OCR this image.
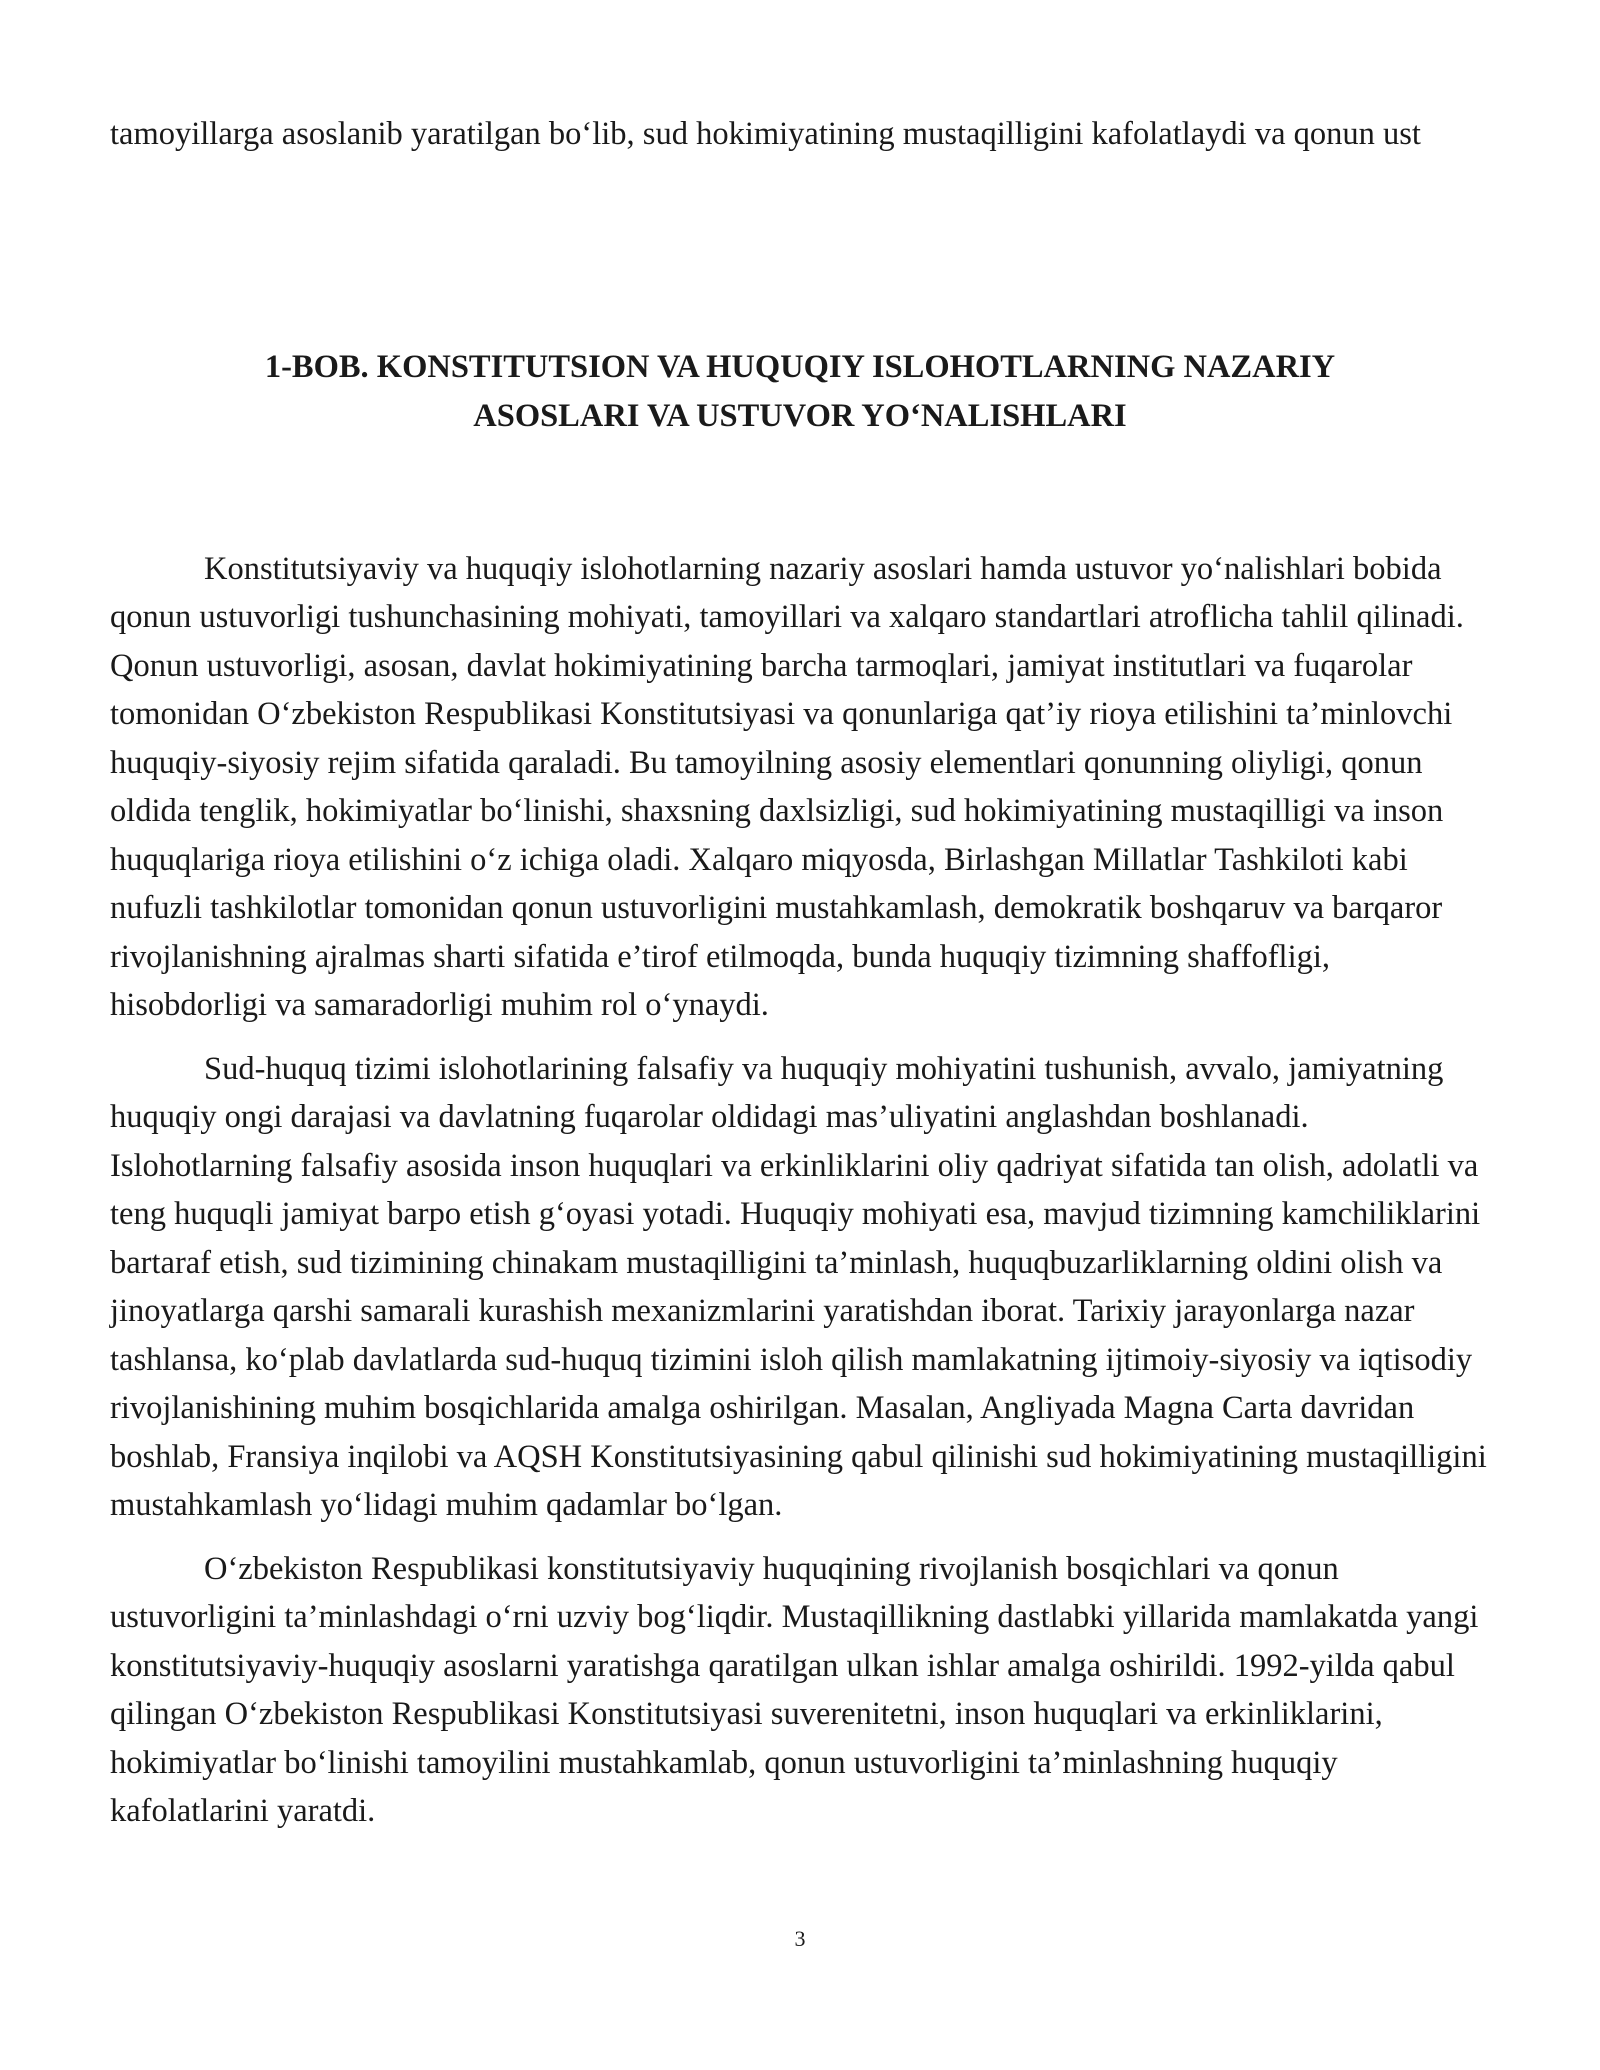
tamoyillarga asoslanib yaratilgan bo‘lib, sud hokimiyatining mustaqilligini kafolatlaydi va qonun ust

1-BOB. KONSTITUTSION VA HUQUQIY ISLOHOTLARNING NAZARIY
ASOSLARI VA USTUVOR YO‘NALISHLARI

Konstitutsiyaviy va huquqiy islohotlarning nazariy asoslari hamda ustuvor yo‘nalishlari bobida qonun ustuvorligi tushunchasining mohiyati, tamoyillari va xalqaro standartlari atroflicha tahlil qilinadi. Qonun ustuvorligi, asosan, davlat hokimiyatining barcha tarmoqlari, jamiyat institutlari va fuqarolar tomonidan O‘zbekiston Respublikasi Konstitutsiyasi va qonunlariga qat’iy rioya etilishini ta’minlovchi huquqiy-siyosiy rejim sifatida qaraladi. Bu tamoyilning asosiy elementlari qonunning oliyligi, qonun oldida tenglik, hokimiyatlar bo‘linishi, shaxsning daxlsizligi, sud hokimiyatining mustaqilligi va inson huquqlariga rioya etilishini o‘z ichiga oladi. Xalqaro miqyosda, Birlashgan Millatlar Tashkiloti kabi nufuzli tashkilotlar tomonidan qonun ustuvorligini mustahkamlash, demokratik boshqaruv va barqaror rivojlanishning ajralmas sharti sifatida e’tirof etilmoqda, bunda huquqiy tizimning shaffofligi, hisobdorligi va samaradorligi muhim rol o‘ynaydi.

Sud-huquq tizimi islohotlarining falsafiy va huquqiy mohiyatini tushunish, avvalo, jamiyatning huquqiy ongi darajasi va davlatning fuqarolar oldidagi mas’uliyatini anglashdan boshlanadi. Islohotlarning falsafiy asosida inson huquqlari va erkinliklarini oliy qadriyat sifatida tan olish, adolatli va teng huquqli jamiyat barpo etish g‘oyasi yotadi. Huquqiy mohiyati esa, mavjud tizimning kamchiliklarini bartaraf etish, sud tizimining chinakam mustaqilligini ta’minlash, huquqbuzarliklarning oldini olish va jinoyatlarga qarshi samarali kurashish mexanizmlarini yaratishdan iborat. Tarixiy jarayonlarga nazar tashlansa, ko‘plab davlatlarda sud-huquq tizimini isloh qilish mamlakatning ijtimoiy-siyosiy va iqtisodiy rivojlanishining muhim bosqichlarida amalga oshirilgan. Masalan, Angliyada Magna Carta davridan boshlab, Fransiya inqilobi va AQSH Konstitutsiyasining qabul qilinishi sud hokimiyatining mustaqilligini mustahkamlash yo‘lidagi muhim qadamlar bo‘lgan.

O‘zbekiston Respublikasi konstitutsiyaviy huquqining rivojlanish bosqichlari va qonun ustuvorligini ta’minlashdagi o‘rni uzviy bog‘liqdir. Mustaqillikning dastlabki yillarida mamlakatda yangi konstitutsiyaviy-huquqiy asoslarni yaratishga qaratilgan ulkan ishlar amalga oshirildi. 1992-yilda qabul qilingan O‘zbekiston Respublikasi Konstitutsiyasi suverenitetni, inson huquqlari va erkinliklarini, hokimiyatlar bo‘linishi tamoyilini mustahkamlab, qonun ustuvorligini ta’minlashning huquqiy kafolatlarini yaratdi.

3
